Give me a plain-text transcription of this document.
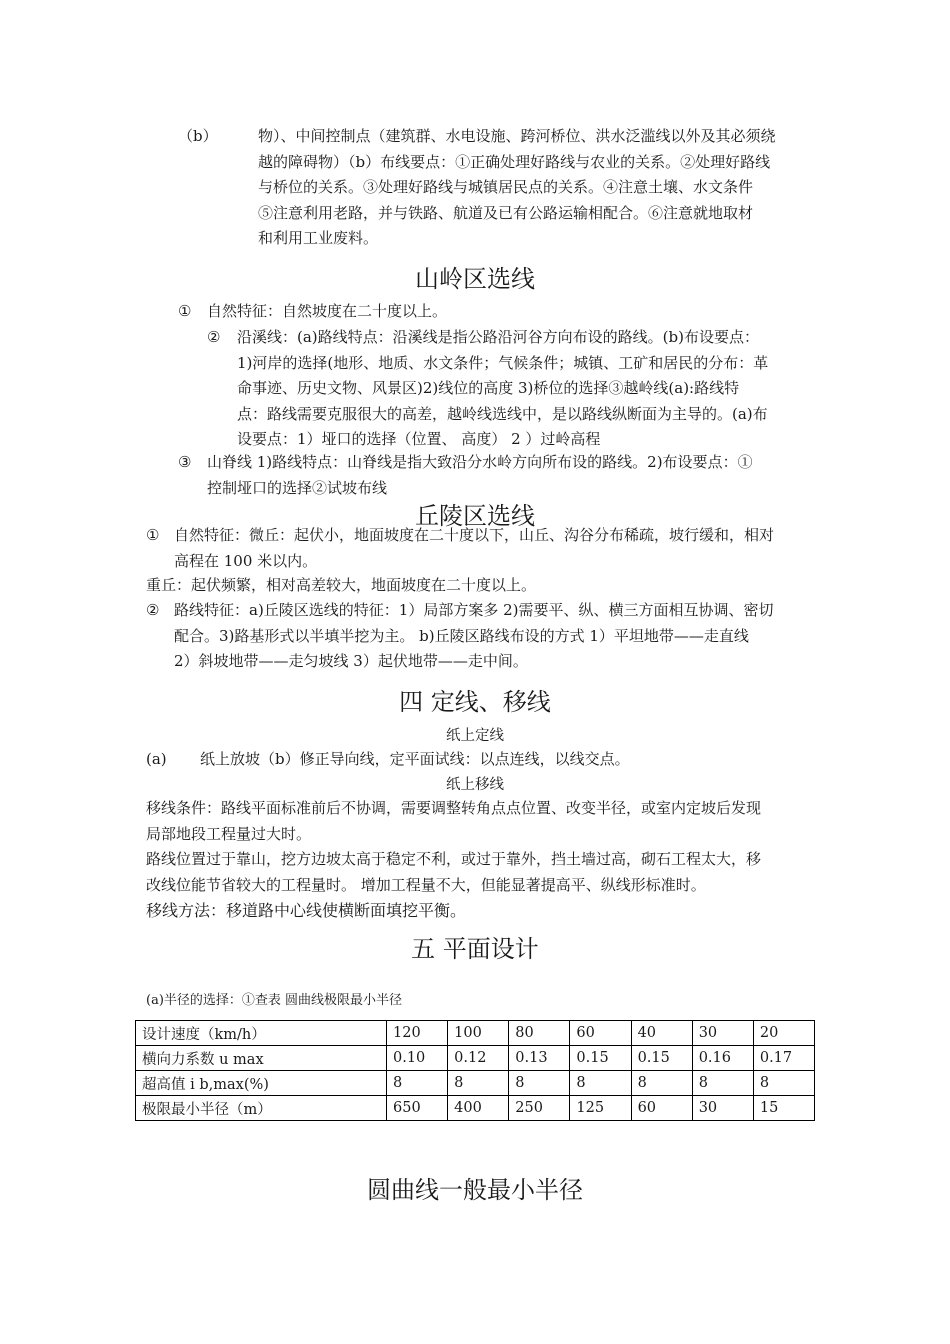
（b）	物）、中间控制点（建筑群、水电设施、跨河桥位、洪水泛滥线以外及其必须绕
越的障碍物）（b）布线要点：①正确处理好路线与农业的关系。②处理好路线
与桥位的关系。③处理好路线与城镇居民点的关系。④注意土壤、水文条件
⑤注意利用老路，并与铁路、航道及已有公路运输相配合。⑥注意就地取材
和利用工业废料。
山岭区选线
① 自然特征：自然坡度在二十度以上。
② 沿溪线：(a)路线特点：沿溪线是指公路沿河谷方向布设的路线。(b)布设要点：
1)河岸的选择(地形、地质、水文条件；气候条件；城镇、工矿和居民的分布：革
命事迹、历史文物、风景区)2)线位的高度 3)桥位的选择③越岭线(a):路线特
点：路线需要克服很大的高差，越岭线选线中，是以路线纵断面为主导的。(a)布
设要点：1）垭口的选择（位置、 高度） 2 ）过岭高程
③ 山脊线 1)路线特点：山脊线是指大致沿分水岭方向所布设的路线。2)布设要点：①
控制垭口的选择②试坡布线
丘陵区选线
① 自然特征：微丘：起伏小，地面坡度在二十度以下，山丘、沟谷分布稀疏，坡行缓和，相对
高程在 100 米以内。
重丘：起伏频繁，相对高差较大，地面坡度在二十度以上。
② 路线特征：a)丘陵区选线的特征：1）局部方案多 2)需要平、纵、横三方面相互协调、密切
配合。3)路基形式以半填半挖为主。 b)丘陵区路线布设的方式 1）平坦地带——走直线
2）斜坡地带——走匀坡线 3）起伏地带——走中间。
四 定线、移线
纸上定线
(a) 纸上放坡（b）修正导向线，定平面试线：以点连线，以线交点。
纸上移线
移线条件：路线平面标准前后不协调，需要调整转角点点位置、改变半径，或室内定坡后发现
局部地段工程量过大时。
路线位置过于靠山，挖方边坡太高于稳定不利，或过于靠外，挡土墙过高，砌石工程太大，移
改线位能节省较大的工程量时。 增加工程量不大，但能显著提高平、纵线形标准时。
移线方法：移道路中心线使横断面填挖平衡。
五 平面设计
(a)半径的选择：①查表 圆曲线极限最小半径
设计速度（km/h）	120	100	80	60	40	30	20
横向力系数 u max	0.10	0.12	0.13	0.15	0.15	0.16	0.17
超高值 i b,max(%)	8	8	8	8	8	8	8
极限最小半径（m）	650	400	250	125	60	30	15
圆曲线一般最小半径
